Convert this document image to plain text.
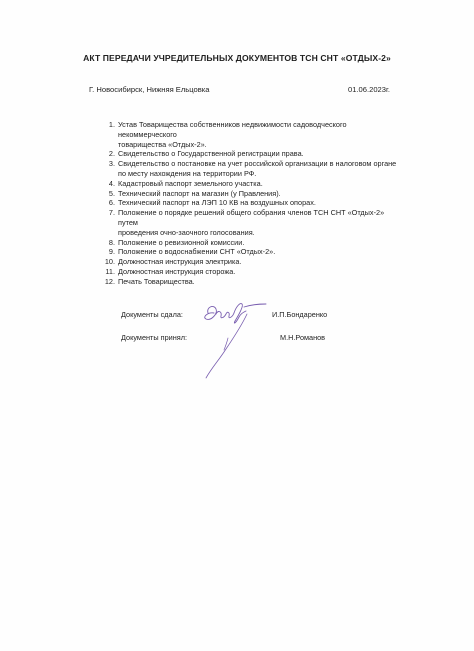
АКТ ПЕРЕДАЧИ УЧРЕДИТЕЛЬНЫХ ДОКУМЕНТОВ ТСН СНТ «ОТДЫХ-2»
Г. Новосибирск, Нижняя Ельцовка	01.06.2023г.
1. Устав Товарищества собственников недвижимости садоводческого некоммерческого
товарищества «Отдых-2».
2. Свидетельство о Государственной регистрации права.
3. Свидетельство о постановке на учет российской организации в налоговом органе
по месту нахождения на территории РФ.
4. Кадастровый паспорт земельного участка.
5. Технический паспорт на магазин (у Правления).
6. Технический паспорт на ЛЭП 10 КВ на воздушных опорах.
7. Положение о порядке решений общего собрания членов ТСН СНТ «Отдых-2» путем
проведения очно-заочного голосования.
8. Положение о ревизионной комиссии.
9. Положение о водоснабжении СНТ «Отдых-2».
10. Должностная инструкция электрика.
11. Должностная инструкция сторожа.
12. Печать Товарищества.
Документы сдала:	И.П.Бондаренко
Документы принял:	М.Н.Романов
